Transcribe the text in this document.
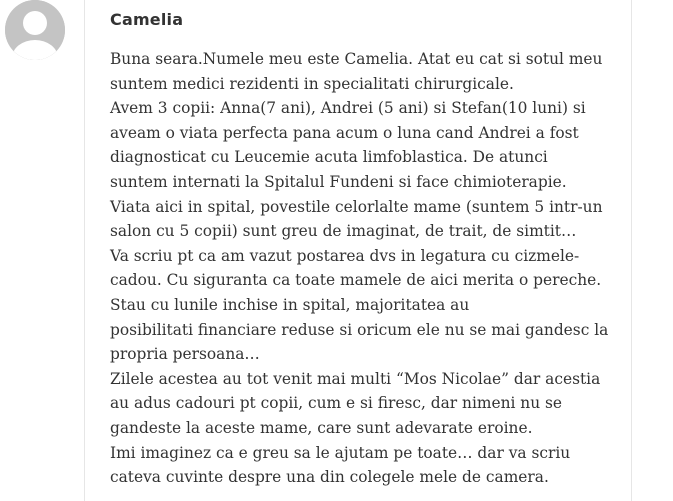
Camelia
Buna seara.Numele meu este Camelia. Atat eu cat si sotul meu
suntem medici rezidenti in specialitati chirurgicale.
Avem 3 copii: Anna(7 ani), Andrei (5 ani) si Stefan(10 luni) si
aveam o viata perfecta pana acum o luna cand Andrei a fost
diagnosticat cu Leucemie acuta limfoblastica. De atunci
suntem internati la Spitalul Fundeni si face chimioterapie.
Viata aici in spital, povestile celorlalte mame (suntem 5 intr-un
salon cu 5 copii) sunt greu de imaginat, de trait, de simtit…
Va scriu pt ca am vazut postarea dvs in legatura cu cizmele-
cadou. Cu siguranta ca toate mamele de aici merita o pereche.
Stau cu lunile inchise in spital, majoritatea au
posibilitati financiare reduse si oricum ele nu se mai gandesc la
propria persoana…
Zilele acestea au tot venit mai multi “Mos Nicolae” dar acestia
au adus cadouri pt copii, cum e si firesc, dar nimeni nu se
gandeste la aceste mame, care sunt adevarate eroine.
Imi imaginez ca e greu sa le ajutam pe toate… dar va scriu
cateva cuvinte despre una din colegele mele de camera.
